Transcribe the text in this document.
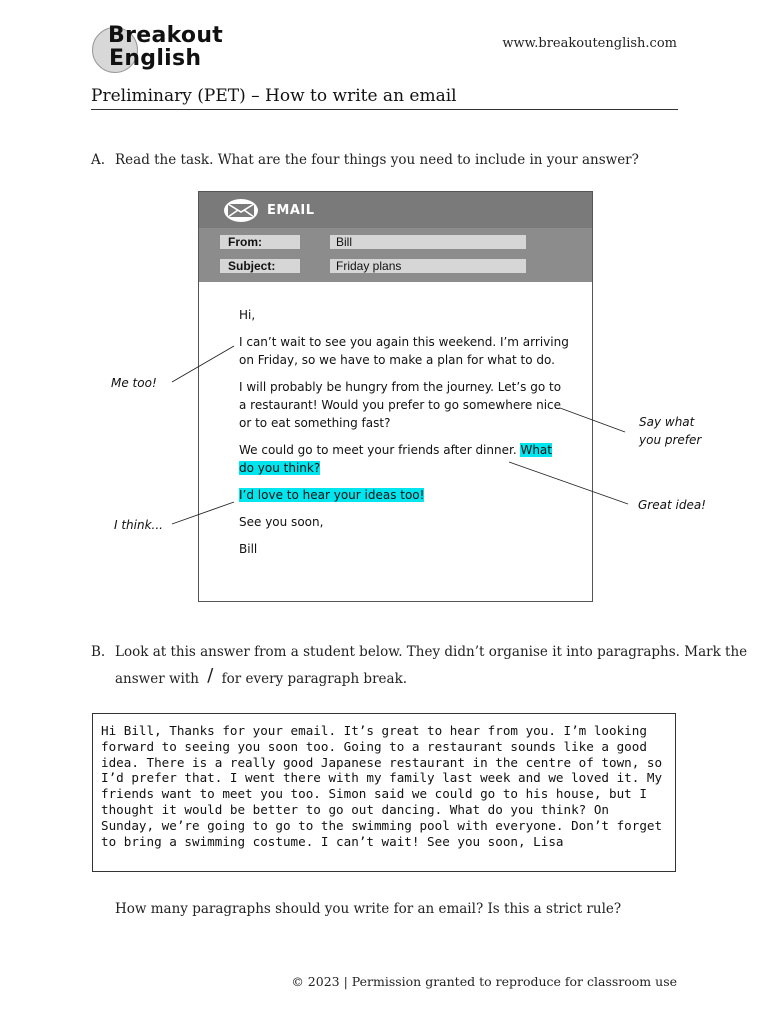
Breakout
English
www.breakoutenglish.com
Preliminary (PET) – How to write an email
A. Read the task. What are the four things you need to include in your answer?
EMAIL
From:	Bill
Subject:	Friday plans

Hi,

I can’t wait to see you again this weekend. I’m arriving on Friday, so we have to make a plan for what to do.

I will probably be hungry from the journey. Let’s go to a restaurant! Would you prefer to go somewhere nice or to eat something fast?

We could go to meet your friends after dinner. What do you think?

I’d love to hear your ideas too!

See you soon,

Bill

Me too!
Say what
you prefer
Great idea!
I think...
B. Look at this answer from a student below. They didn’t organise it into paragraphs. Mark the
answer with / for every paragraph break.
Hi Bill, Thanks for your email. It’s great to hear from you. I’m looking forward to seeing you soon too. Going to a restaurant sounds like a good idea. There is a really good Japanese restaurant in the centre of town, so I’d prefer that. I went there with my family last week and we loved it. My friends want to meet you too. Simon said we could go to his house, but I thought it would be better to go out dancing. What do you think? On Sunday, we’re going to go to the swimming pool with everyone. Don’t forget to bring a swimming costume. I can’t wait! See you soon, Lisa
How many paragraphs should you write for an email? Is this a strict rule?
© 2023 | Permission granted to reproduce for classroom use
